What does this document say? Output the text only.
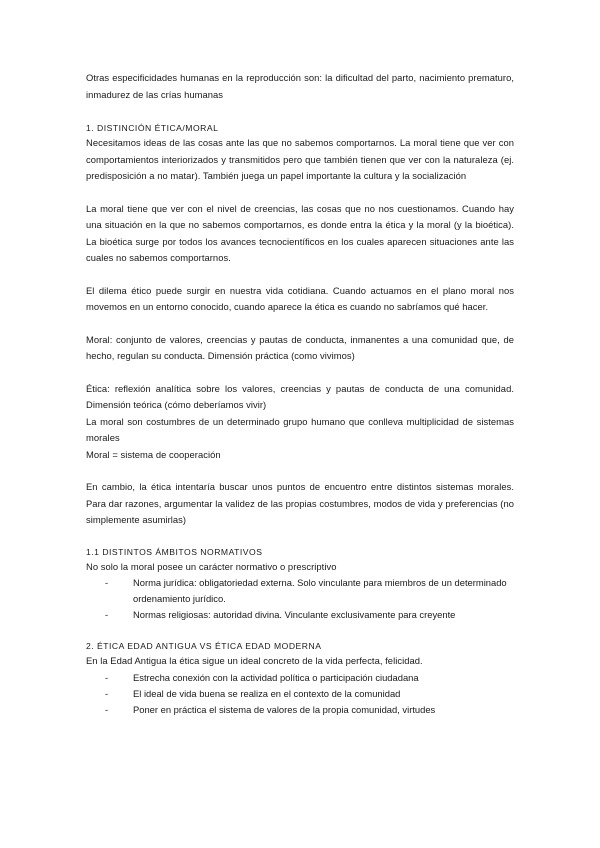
Otras especificidades humanas en la reproducción son: la dificultad del parto, nacimiento prematuro, inmadurez de las crías humanas

1. DISTINCIÓN ÉTICA/MORAL

Necesitamos ideas de las cosas ante las que no sabemos comportarnos. La moral tiene que ver con comportamientos interiorizados y transmitidos pero que también tienen que ver con la naturaleza (ej. predisposición a no matar). También juega un papel importante la cultura y la socialización

La moral tiene que ver con el nivel de creencias, las cosas que no nos cuestionamos. Cuando hay una situación en la que no sabemos comportarnos, es donde entra la ética y la moral (y la bioética). La bioética surge por todos los avances tecnocientíficos en los cuales aparecen situaciones ante las cuales no sabemos comportarnos.

El dilema ético puede surgir en nuestra vida cotidiana. Cuando actuamos en el plano moral nos movemos en un entorno conocido, cuando aparece la ética es cuando no sabríamos qué hacer.

Moral: conjunto de valores, creencias y pautas de conducta, inmanentes a una comunidad que, de hecho, regulan su conducta. Dimensión práctica (como vivimos)

Ética: reflexión analítica sobre los valores, creencias y pautas de conducta de una comunidad. Dimensión teórica (cómo deberíamos vivir)

La moral son costumbres de un determinado grupo humano que conlleva multiplicidad de sistemas morales

Moral = sistema de cooperación

En cambio, la ética intentaría buscar unos puntos de encuentro entre distintos sistemas morales. Para dar razones, argumentar la validez de las propias costumbres, modos de vida y preferencias (no simplemente asumirlas)

1.1 DISTINTOS ÁMBITOS NORMATIVOS

No solo la moral posee un carácter normativo o prescriptivo

-	Norma jurídica: obligatoriedad externa. Solo vinculante para miembros de un determinado ordenamiento jurídico.
-	Normas religiosas: autoridad divina. Vinculante exclusivamente para creyente
2. ÉTICA EDAD ANTIGUA VS ÉTICA EDAD MODERNA

En la Edad Antigua la ética sigue un ideal concreto de la vida perfecta, felicidad.

-	Estrecha conexión con la actividad política o participación ciudadana
-	El ideal de vida buena se realiza en el contexto de la comunidad
-	Poner en práctica el sistema de valores de la propia comunidad, virtudes
